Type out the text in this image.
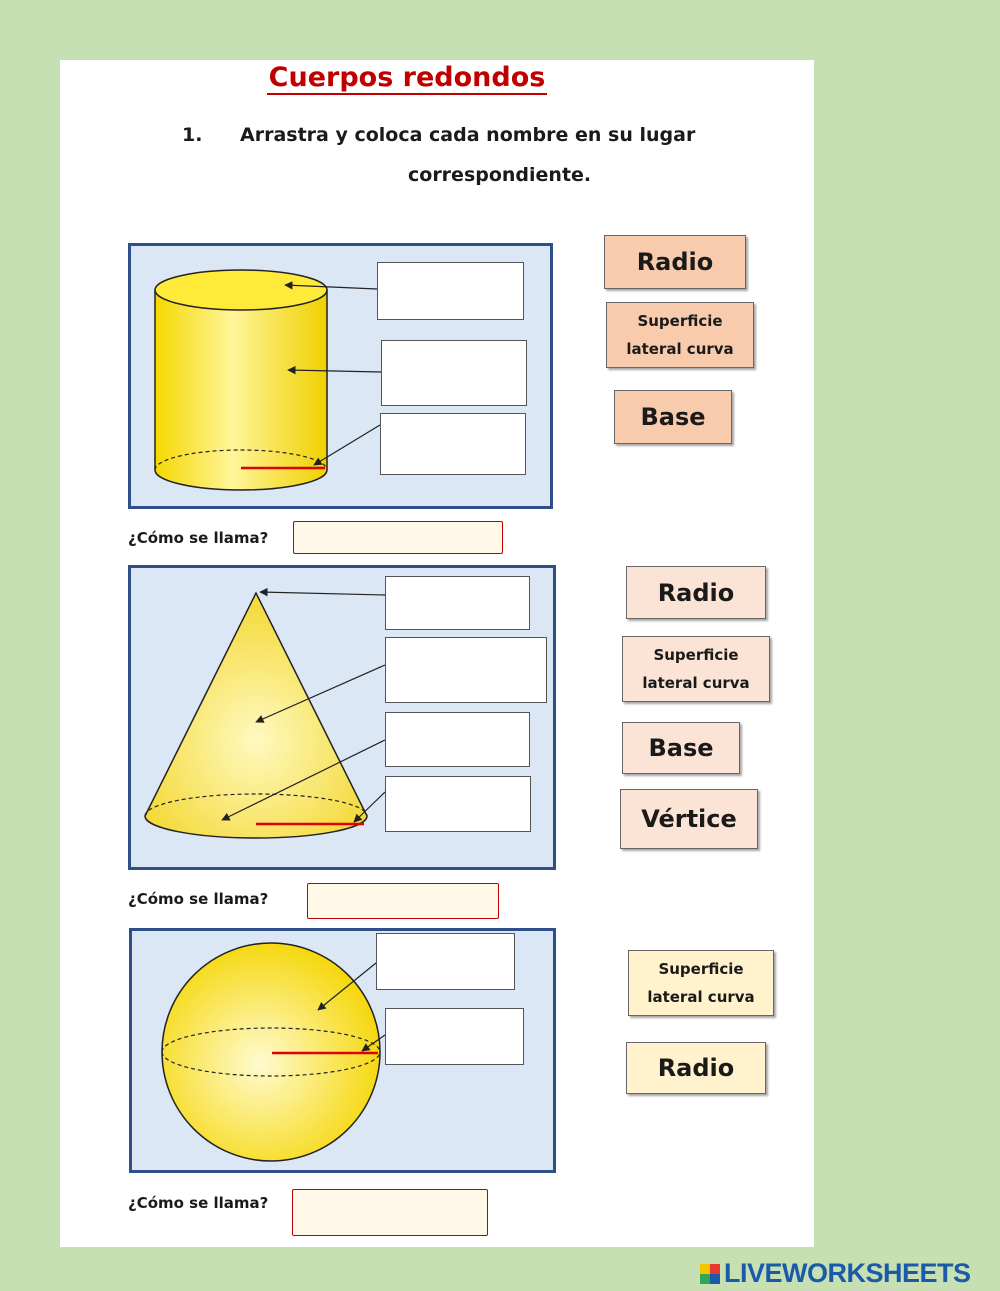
Cuerpos redondos
1. Arrastra y coloca cada nombre en su lugar
correspondiente.
Radio
Superficie
lateral curva
Base
¿Cómo se llama?
Radio
Superficie
lateral curva
Base
Vértice
¿Cómo se llama?
Superficie
lateral curva
Radio
¿Cómo se llama?
LIVEWORKSHEETS
